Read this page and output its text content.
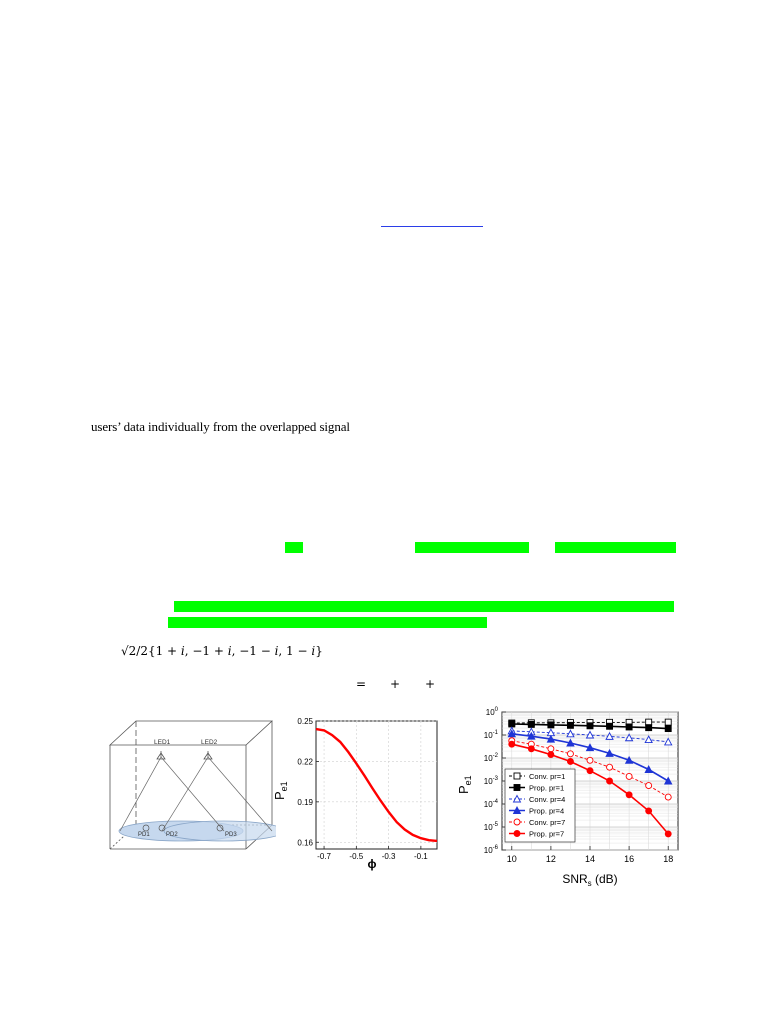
users’ data individually from the overlapped signal
√2/2{1 + 𝑖, −1 + 𝑖, −1 − 𝑖, 1 − 𝑖}
= + +
LED1	LED2
PD1	PD2	PD3
-0.7 -0.5 -0.3 -0.1
0.25
0.22
0.19
0.16
$P_{e1}$
ϕ
$10^0$
$10^{-1}$
$10^{-2}$
$10^{-3}$
$10^{-4}$
$10^{-5}$
$10^{-6}$
10	12	14	16	18
Conv. pr=1
Prop. pr=1
Conv. pr=4
Prop. pr=4
Conv. pr=7
Prop. pr=7
$P_{e1}$
$SNR_s$ (dB)
